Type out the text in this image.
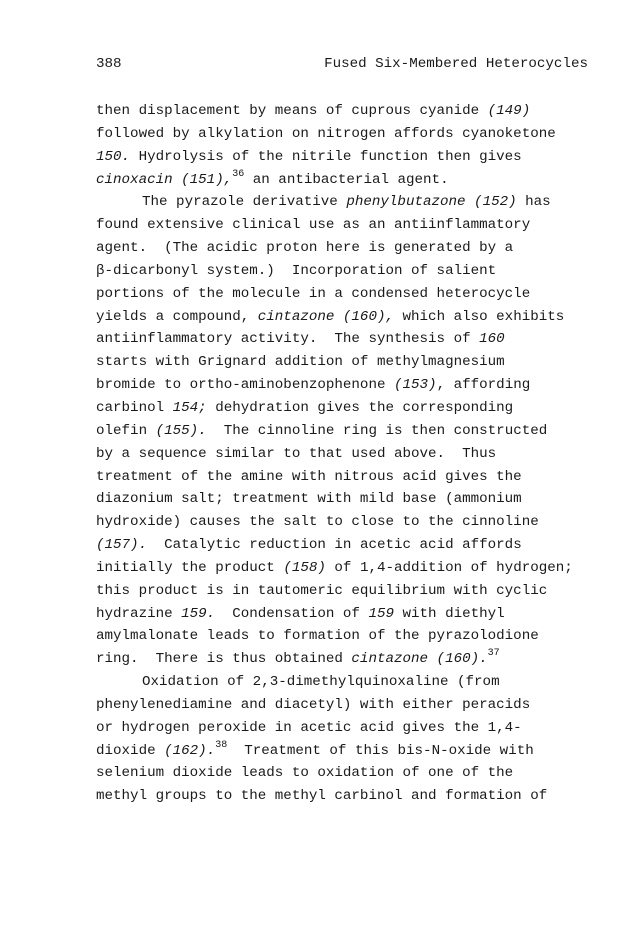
388	Fused Six-Membered Heterocycles
then displacement by means of cuprous cyanide (149)
followed by alkylation on nitrogen affords cyanoketone
150. Hydrolysis of the nitrile function then gives
cinoxacin (151),$^{36}$ an antibacterial agent.
The pyrazole derivative phenylbutazone (152) has
found extensive clinical use as an antiinflammatory
agent.  (The acidic proton here is generated by a
β-dicarbonyl system.)  Incorporation of salient
portions of the molecule in a condensed heterocycle
yields a compound, cintazone (160), which also exhibits
antiinflammatory activity.  The synthesis of 160
starts with Grignard addition of methylmagnesium
bromide to ortho-aminobenzophenone (153), affording
carbinol 154; dehydration gives the corresponding
olefin (155).  The cinnoline ring is then constructed
by a sequence similar to that used above.  Thus
treatment of the amine with nitrous acid gives the
diazonium salt; treatment with mild base (ammonium
hydroxide) causes the salt to close to the cinnoline
(157).  Catalytic reduction in acetic acid affords
initially the product (158) of 1,4-addition of hydrogen;
this product is in tautomeric equilibrium with cyclic
hydrazine 159.  Condensation of 159 with diethyl
amylmalonate leads to formation of the pyrazolodione
ring.  There is thus obtained cintazone (160).$^{37}$
Oxidation of 2,3-dimethylquinoxaline (from
phenylenediamine and diacetyl) with either peracids
or hydrogen peroxide in acetic acid gives the 1,4-
dioxide (162).$^{38}$  Treatment of this bis-N-oxide with
selenium dioxide leads to oxidation of one of the
methyl groups to the methyl carbinol and formation of
